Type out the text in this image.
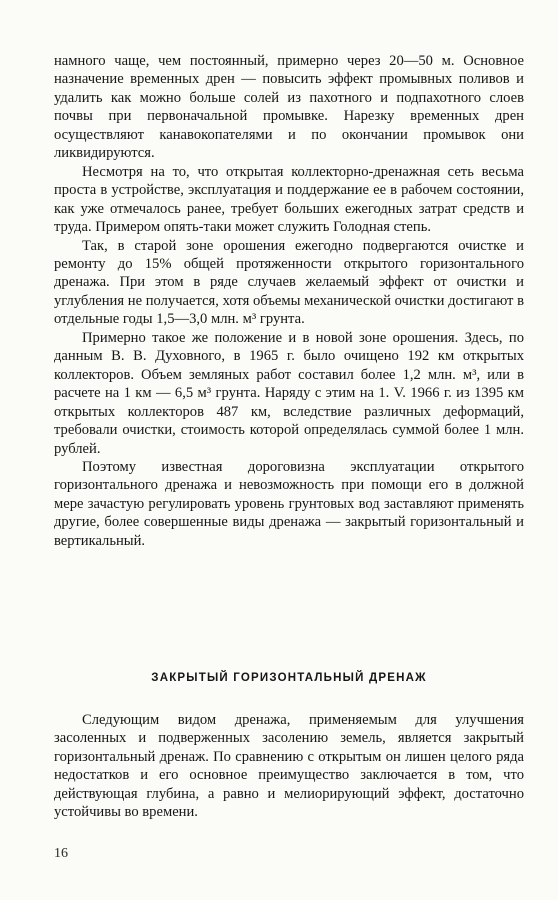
намного чаще, чем постоянный, примерно через 20—50 м. Основное назначение временных дрен — повысить эффект промывных поливов и удалить как можно больше солей из пахотного и подпахотного слоев почвы при первоначальной промывке. Нарезку временных дрен осуществляют канавокопателями и по окончании промывок они ликвидируются.

Несмотря на то, что открытая коллекторно-дренажная сеть весьма проста в устройстве, эксплуатация и поддержание ее в рабочем состоянии, как уже отмечалось ранее, требует больших ежегодных затрат средств и труда. Примером опять-таки может служить Голодная степь.

Так, в старой зоне орошения ежегодно подвергаются очистке и ремонту до 15% общей протяженности открытого горизонтального дренажа. При этом в ряде случаев желаемый эффект от очистки и углубления не получается, хотя объемы механической очистки достигают в отдельные годы 1,5—3,0 млн. м³ грунта.

Примерно такое же положение и в новой зоне орошения. Здесь, по данным В. В. Духовного, в 1965 г. было очищено 192 км открытых коллекторов. Объем земляных работ составил более 1,2 млн. м³, или в расчете на 1 км — 6,5 м³ грунта. Наряду с этим на 1. V. 1966 г. из 1395 км открытых коллекторов 487 км, вследствие различных деформаций, требовали очистки, стоимость которой определялась суммой более 1 млн. рублей.

Поэтому известная дороговизна эксплуатации открытого горизонтального дренажа и невозможность при помощи его в должной мере зачастую регулировать уровень грунтовых вод заставляют применять другие, более совершенные виды дренажа — закрытый горизонтальный и вертикальный.

ЗАКРЫТЫЙ ГОРИЗОНТАЛЬНЫЙ ДРЕНАЖ

Следующим видом дренажа, применяемым для улучшения засоленных и подверженных засолению земель, является закрытый горизонтальный дренаж. По сравнению с открытым он лишен целого ряда недостатков и его основное преимущество заключается в том, что действующая глубина, а равно и мелиорирующий эффект, достаточно устойчивы во времени.

16
